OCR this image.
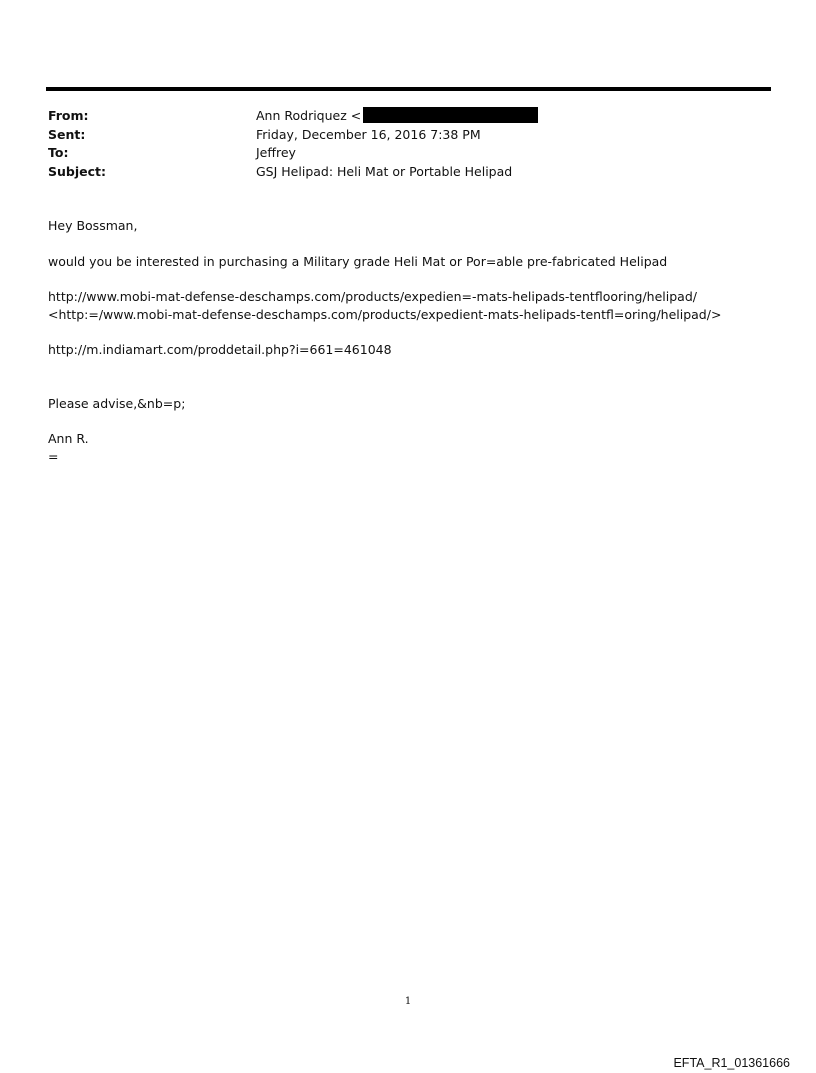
From:	Ann Rodriquez <
Sent:	Friday, December 16, 2016 7:38 PM
To:	Jeffrey
Subject:	GSJ Helipad: Heli Mat or Portable Helipad

Hey Bossman,

would you be interested in purchasing a Military grade Heli Mat or Por=able pre-fabricated Helipad

http://www.mobi-mat-defense-deschamps.com/products/expedien=-mats-helipads-tentflooring/helipad/

<http:=/www.mobi-mat-defense-deschamps.com/products/expedient-mats-helipads-tentfl=oring/helipad/>

http://m.indiamart.com/proddetail.php?i=661=461048

Please advise,&nb=p;

Ann R.

=

1
EFTA_R1_01361666
